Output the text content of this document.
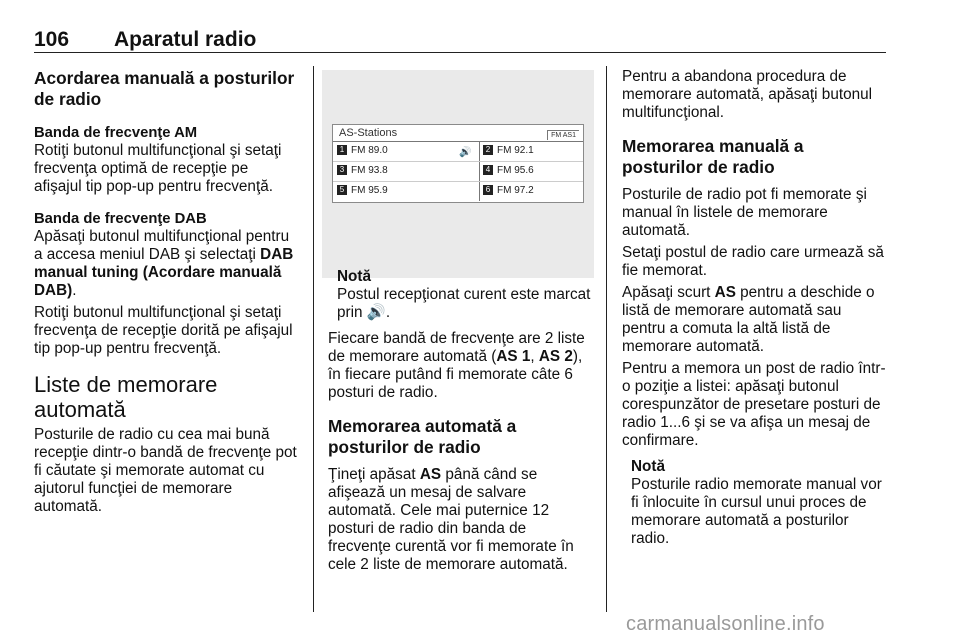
106 Aparatul radio

Acordarea manuală a posturilor de radio

Banda de frecvenţe AM

Rotiţi butonul multifuncţional şi setaţi frecvenţa optimă de recepţie pe afişajul tip pop-up pentru frecvenţă.

Banda de frecvenţe DAB

Apăsaţi butonul multifuncţional pentru a accesa meniul DAB şi selectaţi DAB manual tuning (Acordare manuală DAB).

Rotiţi butonul multifuncţional şi setaţi frecvenţa de recepţie dorită pe afişajul tip pop-up pentru frecvenţă.

Liste de memorare automată

Posturile de radio cu cea mai bună recepţie dintr-o bandă de frecvenţe pot fi căutate şi memorate automat cu ajutorul funcţiei de memorare automată.

AS-Stations	FM AS1
1 FM 89.0	🔊	2 FM 92.1
3 FM 93.8	4 FM 95.6
5 FM 95.9	6 FM 97.2

Notă

Postul recepţionat curent este marcat prin 🔊.

Fiecare bandă de frecvenţe are 2 liste de memorare automată (AS 1, AS 2), în fiecare putând fi memorate câte 6 posturi de radio.

Memorarea automată a posturilor de radio

Ţineţi apăsat AS până când se afişează un mesaj de salvare automată. Cele mai puternice 12 posturi de radio din banda de frecvenţe curentă vor fi memorate în cele 2 liste de memorare automată.

Pentru a abandona procedura de memorare automată, apăsaţi butonul multifuncţional.

Memorarea manuală a posturilor de radio

Posturile de radio pot fi memorate şi manual în listele de memorare automată.

Setaţi postul de radio care urmează să fie memorat.

Apăsaţi scurt AS pentru a deschide o listă de memorare automată sau pentru a comuta la altă listă de memorare automată.

Pentru a memora un post de radio într-o poziţie a listei: apăsaţi butonul corespunzător de presetare posturi de radio 1...6 şi se va afişa un mesaj de confirmare.

Notă

Posturile radio memorate manual vor fi înlocuite în cursul unui proces de memorare automată a posturilor radio.

carmanualsonline.info
